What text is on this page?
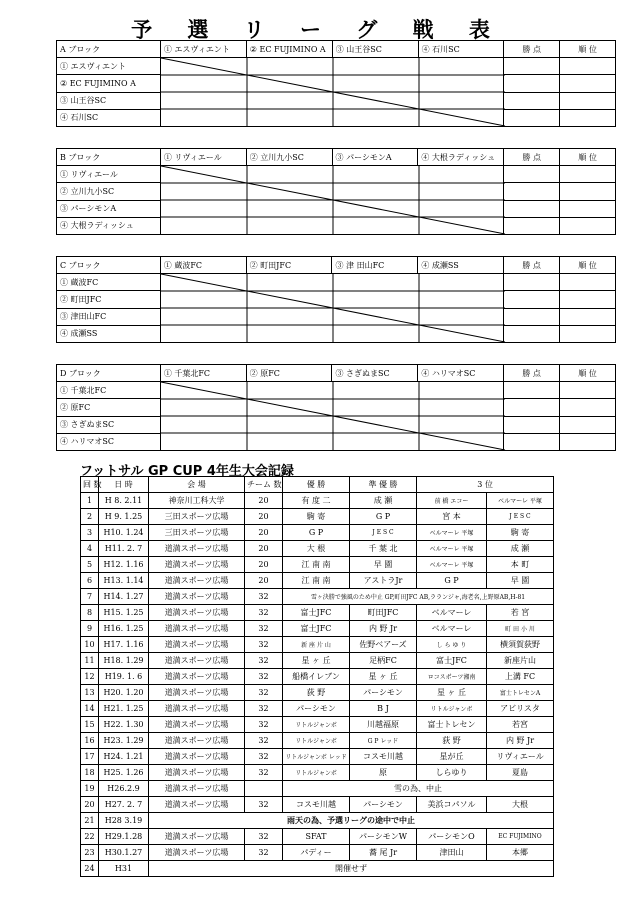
予 選 リ ー グ 戦 表
A ブロック	① エスヴィエント	② EC FUJIMINO A	③ 山王谷SC	④ 石川SC	勝 点	順 位
① エスヴィエント	

② EC FUJIMINO A						
③ 山王谷SC						
④ 石川SC						
B ブロック	① リヴィエール	② 立川九小SC	③ パーシモンA	④ 大根ラディッシュ	勝 点	順 位
① リヴィエール	

② 立川九小SC						
③ パーシモンA						
④ 大根ラディッシュ						
C ブロック	① 蔵波FC	② 町田JFC	③ 津 田山FC	④ 成瀬SS	勝 点	順 位
① 蔵波FC	

② 町田JFC						
③ 津田山FC						
④ 成瀬SS						
D ブロック	① 千葉北FC	② 原FC	③ さぎぬまSC	④ ハリマオSC	勝 点	順 位
① 千葉北FC	

② 原FC						
③ さぎぬまSC						
④ ハリマオSC						
フットサル GP CUP 4年生大会記録
回 数	日 時	会 場	チーム 数	優 勝	準 優 勝	3 位	
1	H 8. 2.11	神奈川工科大学	20	有 度 二	成 瀬	前 橋 エコー	ベルマーレ 平塚
2	H 9. 1.25	三田スポーツ広場	20	駒 寄	G P	宮 本	J E S C
3	H10. 1.24	三田スポーツ広場	20	G P	J E S C	ベルマーレ 平塚	駒 寄
4	H11. 2. 7	道満スポーツ広場	20	大 根	千 葉 北	ベルマーレ 平塚	成 瀬
5	H12. 1.16	道満スポーツ広場	20	江 南 南	早 園	ベルマーレ 平塚	本 町
6	H13. 1.14	道満スポーツ広場	20	江 南 南	アストラJr	G P	早 園
7	H14. 1.27	道満スポーツ広場	32	雪ヶ決勝で強風のため中止 GP,町田JFC AB,ラランジャ,海老名,上野原AB,H-81			
8	H15. 1.25	道満スポーツ広場	32	富士JFC	町田JFC	ベルマーレ	若 宮
9	H16. 1.25	道満スポーツ広場	32	富士JFC	内 野 Jr	ベルマーレ	町 田 小 川
10	H17. 1.16	道満スポーツ広場	32	新 座 片 山	佐野ベアーズ	し ら ゆ り	横須賀荻野
11	H18. 1.29	道満スポーツ広場	32	星 ヶ 丘	足柄FC	富士JFC	新座片山
12	H19. 1. 6	道満スポーツ広場	32	船橋イレブン	星 ヶ 丘	ロコスポーツ湘南	上溝 FC
13	H20. 1.20	道満スポーツ広場	32	荻 野	パーシモン	星 ヶ 丘	富士トレセンA
14	H21. 1.25	道満スポーツ広場	32	パーシモン	B J	リトルジャンボ	アビリスタ
15	H22. 1.30	道満スポーツ広場	32	リトルジャンボ	川越福原	富士トレセン	若宮
16	H23. 1.29	道満スポーツ広場	32	リトルジャンボ	G P レッド	荻 野	内 野 Jr
17	H24. 1.21	道満スポーツ広場	32	リトルジャンボ レッド	コスモ川越	星が丘	リヴィエール
18	H25. 1.26	道満スポーツ広場	32	リトルジャンボ	原	しらゆり	夏島
19	H26.2.9	道満スポーツ広場		雪の為、中止			
20	H27. 2. 7	道満スポーツ広場	32	コスモ川越	パーシモン	美浜コパソル	大根
21	H28 3.19	雨天の為、予選リーグの途中で中止					
22	H29.1.28	道満スポーツ広場	32	SFAT	パーシモンW	パーシモンO	EC FUJIMINO
23	H30.1.27	道満スポーツ広場	32	パディー	蕎 尾 Jr	津田山	本郷
24	H31	開催せず					
